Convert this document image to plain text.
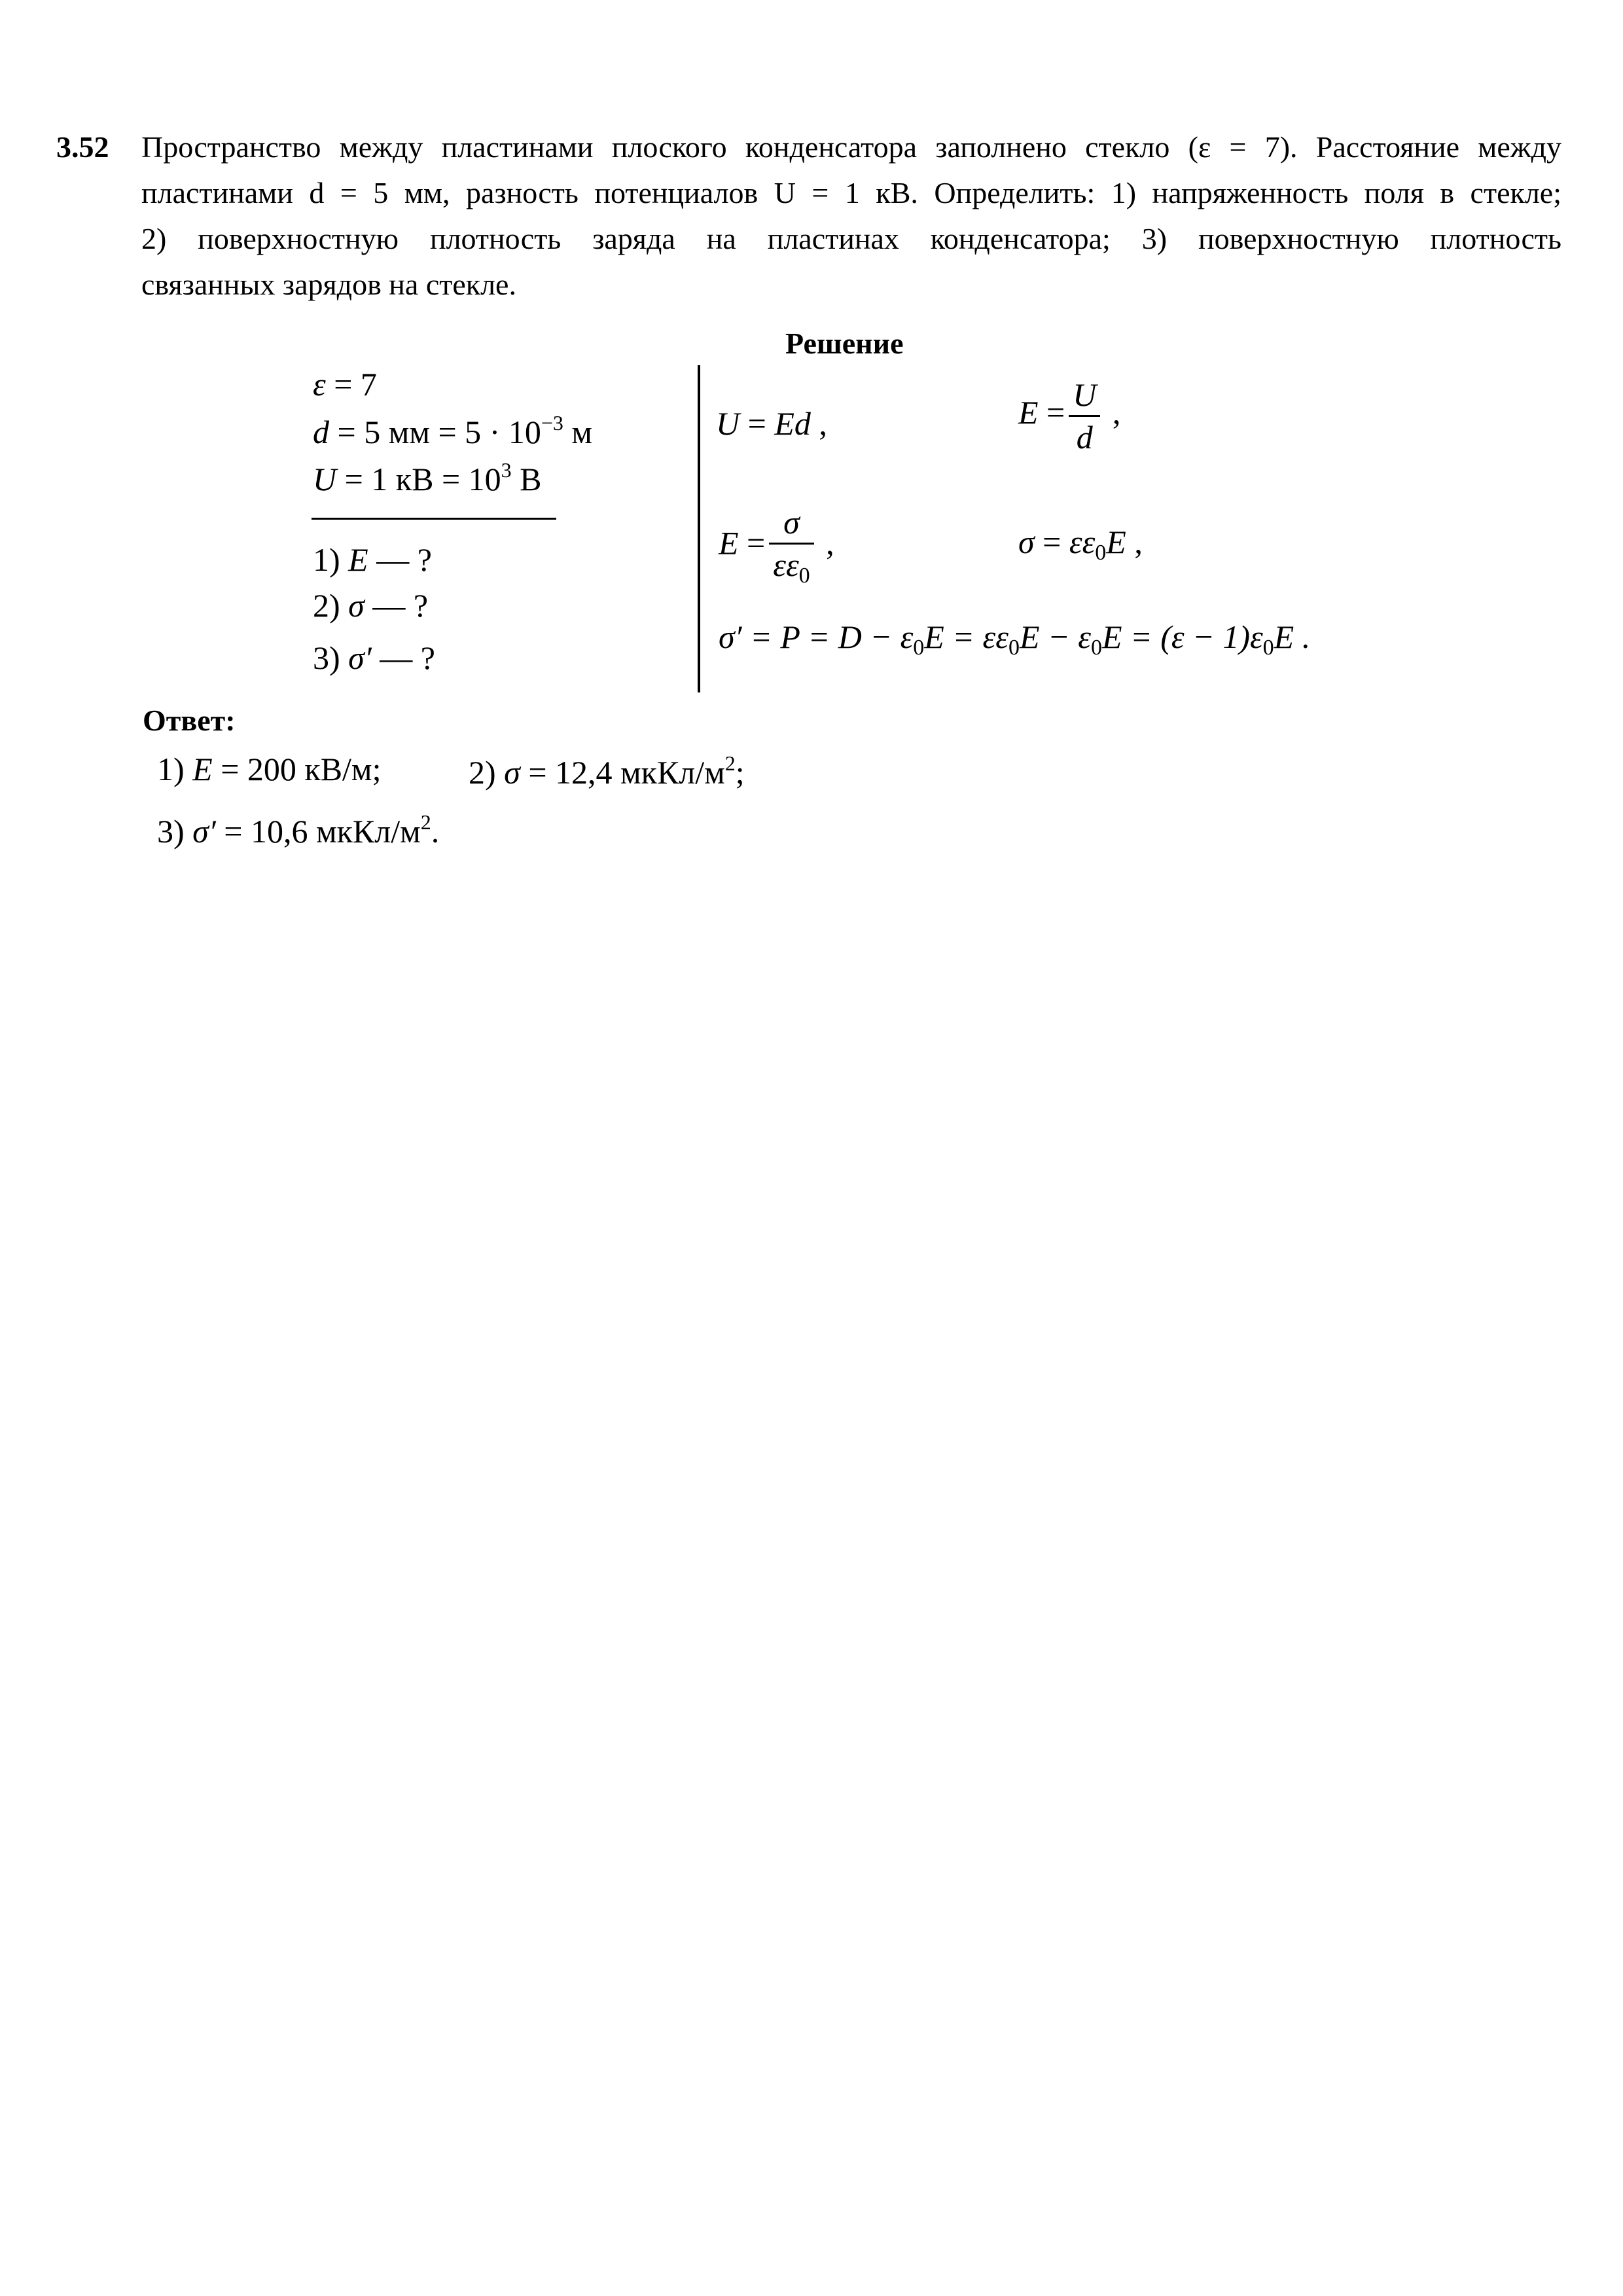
3.52 Пространство между пластинами плоского конденсатора заполнено стекло (ε = 7). Расстояние между
пластинами d = 5 мм, разность потенциалов U = 1 кВ. Определить: 1) напряженность поля в стекле;
2) поверхностную плотность заряда на пластинах конденсатора; 3) поверхностную плотность
связанных зарядов на стекле.
Решение
ε = 7
d = 5 мм = $5 \cdot 10^{-3}$ м
U = 1 кВ = $10^3$ В
1) E — ?
2) σ — ?
3) σ′ — ?
U = Ed ,	$E = \frac{U}{d}$ ,
$E = \frac{\sigma}{\varepsilon\varepsilon_0}$ ,	$\sigma = \varepsilon\varepsilon_0E$ ,
$\sigma' = P = D - \varepsilon_0E = \varepsilon\varepsilon_0E - \varepsilon_0E = (\varepsilon - 1)\varepsilon_0E$ .
Ответ:
1) E = 200 кВ/м;	2) σ = 12,4 мкКл/$м^2$;
3) σ′ = 10,6 мкКл/$м^2$.
